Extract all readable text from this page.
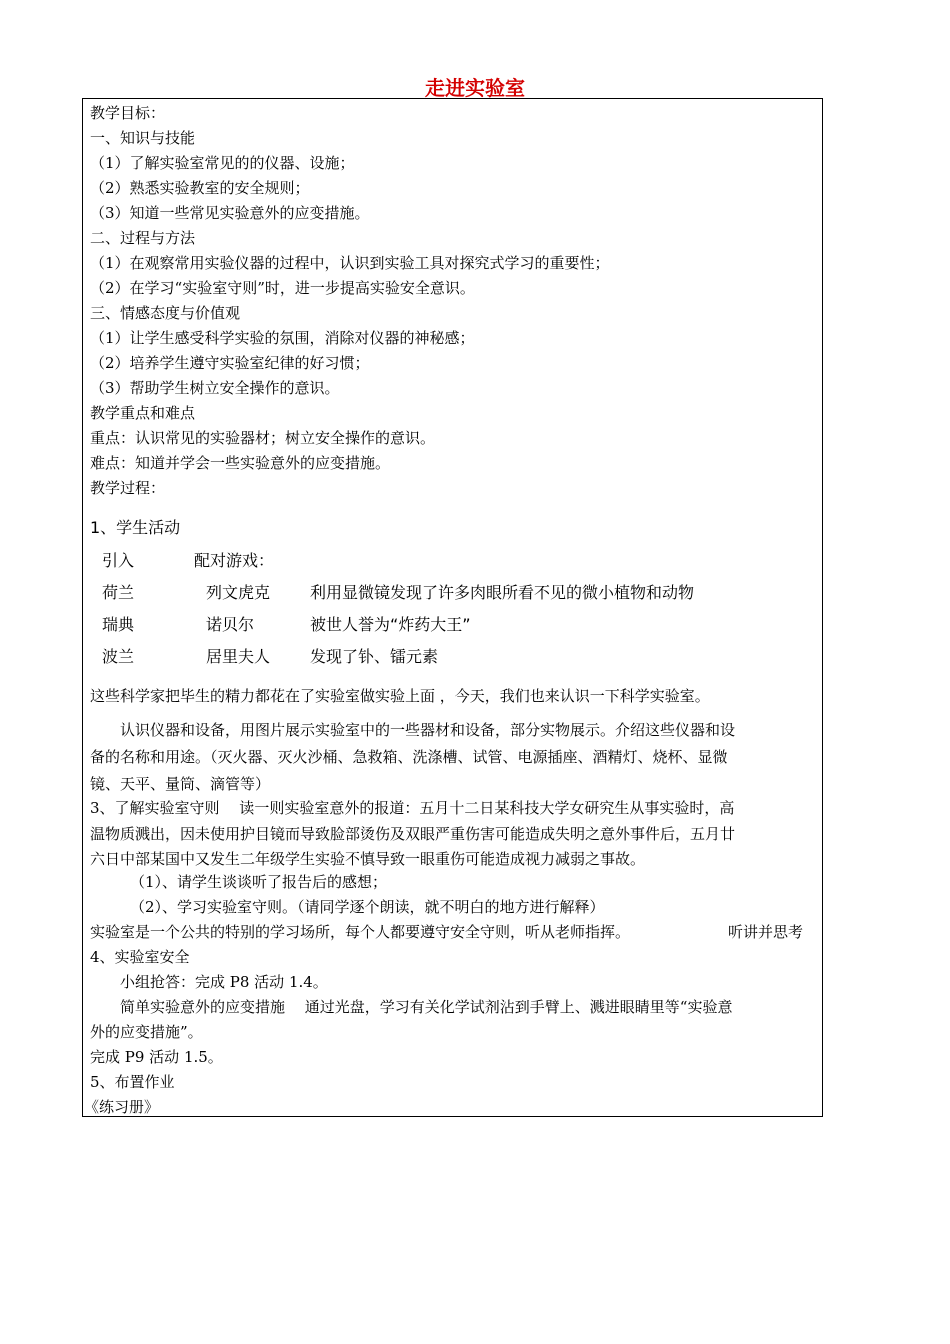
走进实验室
教学目标：
一、知识与技能
（1）了解实验室常见的的仪器、设施；
（2）熟悉实验教室的安全规则；
（3）知道一些常见实验意外的应变措施。
二、过程与方法
（1）在观察常用实验仪器的过程中，认识到实验工具对探究式学习的重要性；
（2）在学习“实验室守则”时，进一步提高实验安全意识。
三、情感态度与价值观
（1）让学生感受科学实验的氛围，消除对仪器的神秘感；
（2）培养学生遵守实验室纪律的好习惯；
（3）帮助学生树立安全操作的意识。
教学重点和难点
重点：认识常见的实验器材；树立安全操作的意识。
难点：知道并学会一些实验意外的应变措施。
教学过程：
1、学生活动
引入	配对游戏：
荷兰	列文虎克 利用显微镜发现了许多肉眼所看不见的微小植物和动物
瑞典	诺贝尔	被世人誉为“炸药大王”
波兰	居里夫人 发现了钋、镭元素
这些科学家把毕生的精力都花在了实验室做实验上面 ，今天，我们也来认识一下科学实验室。
认识仪器和设备，用图片展示实验室中的一些器材和设备，部分实物展示。介绍这些仪器和设
备的名称和用途。（灭火器、灭火沙桶、急救箱、洗涤槽、试管、电源插座、酒精灯、烧杯、显微
镜、天平、量筒、滴管等）
3、了解实验室守则　 读一则实验室意外的报道：五月十二日某科技大学女研究生从事实验时，高
温物质溅出，因未使用护目镜而导致脸部烫伤及双眼严重伤害可能造成失明之意外事件后，五月廿
六日中部某国中又发生二年级学生实验不慎导致一眼重伤可能造成视力减弱之事故。
（1）、请学生谈谈听了报告后的感想；
（2）、学习实验室守则。（请同学逐个朗读，就不明白的地方进行解释）
实验室是一个公共的特别的学习场所，每个人都要遵守安全守则，听从老师指挥。	听讲并思考
4、实验室安全
小组抢答：完成 P8 活动 1.4。
简单实验意外的应变措施　 通过光盘，学习有关化学试剂沾到手臂上、溅进眼睛里等“实验意
外的应变措施”。
完成 P9 活动 1.5。
5、布置作业
《练习册》
